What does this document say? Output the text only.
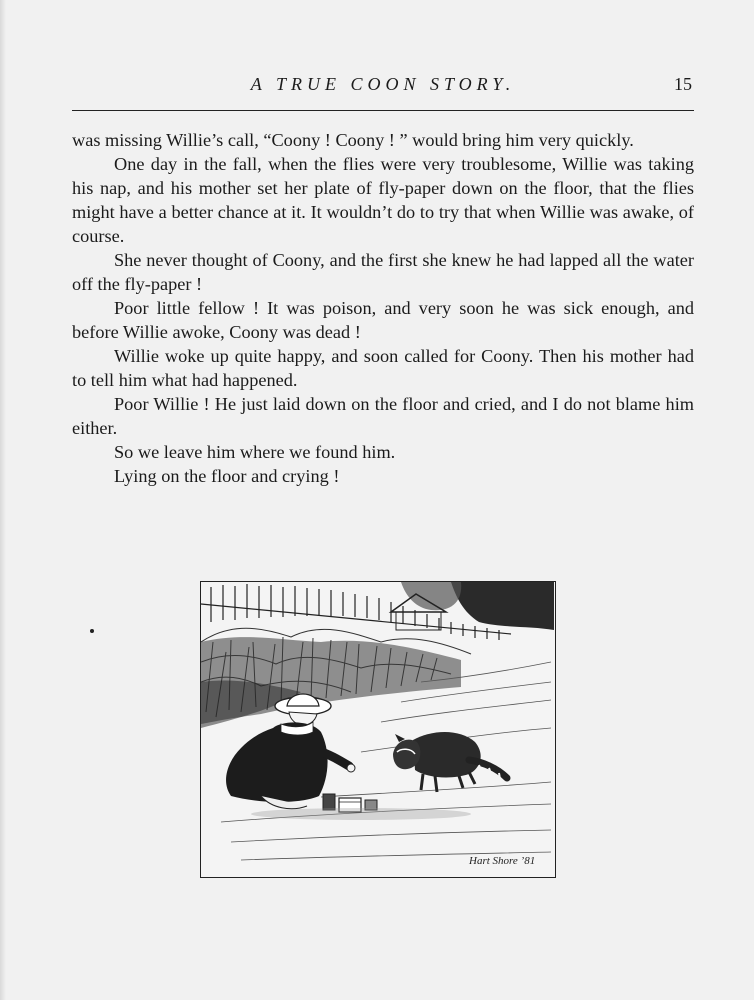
A TRUE COON STORY.	15

was missing Willie’s call, “Coony ! Coony ! ” would bring him very quickly.

One day in the fall, when the flies were very troublesome, Willie was taking his nap, and his mother set her plate of fly-paper down on the floor, that the flies might have a better chance at it. It wouldn’t do to try that when Willie was awake, of course.

She never thought of Coony, and the first she knew he had lapped all the water off the fly-paper !

Poor little fellow ! It was poison, and very soon he was sick enough, and before Willie awoke, Coony was dead !

Willie woke up quite happy, and soon called for Coony. Then his mother had to tell him what had happened.

Poor Willie ! He just laid down on the floor and cried, and I do not blame him either.

So we leave him where we found him.

Lying on the floor and crying !

Hart Shore ’81
